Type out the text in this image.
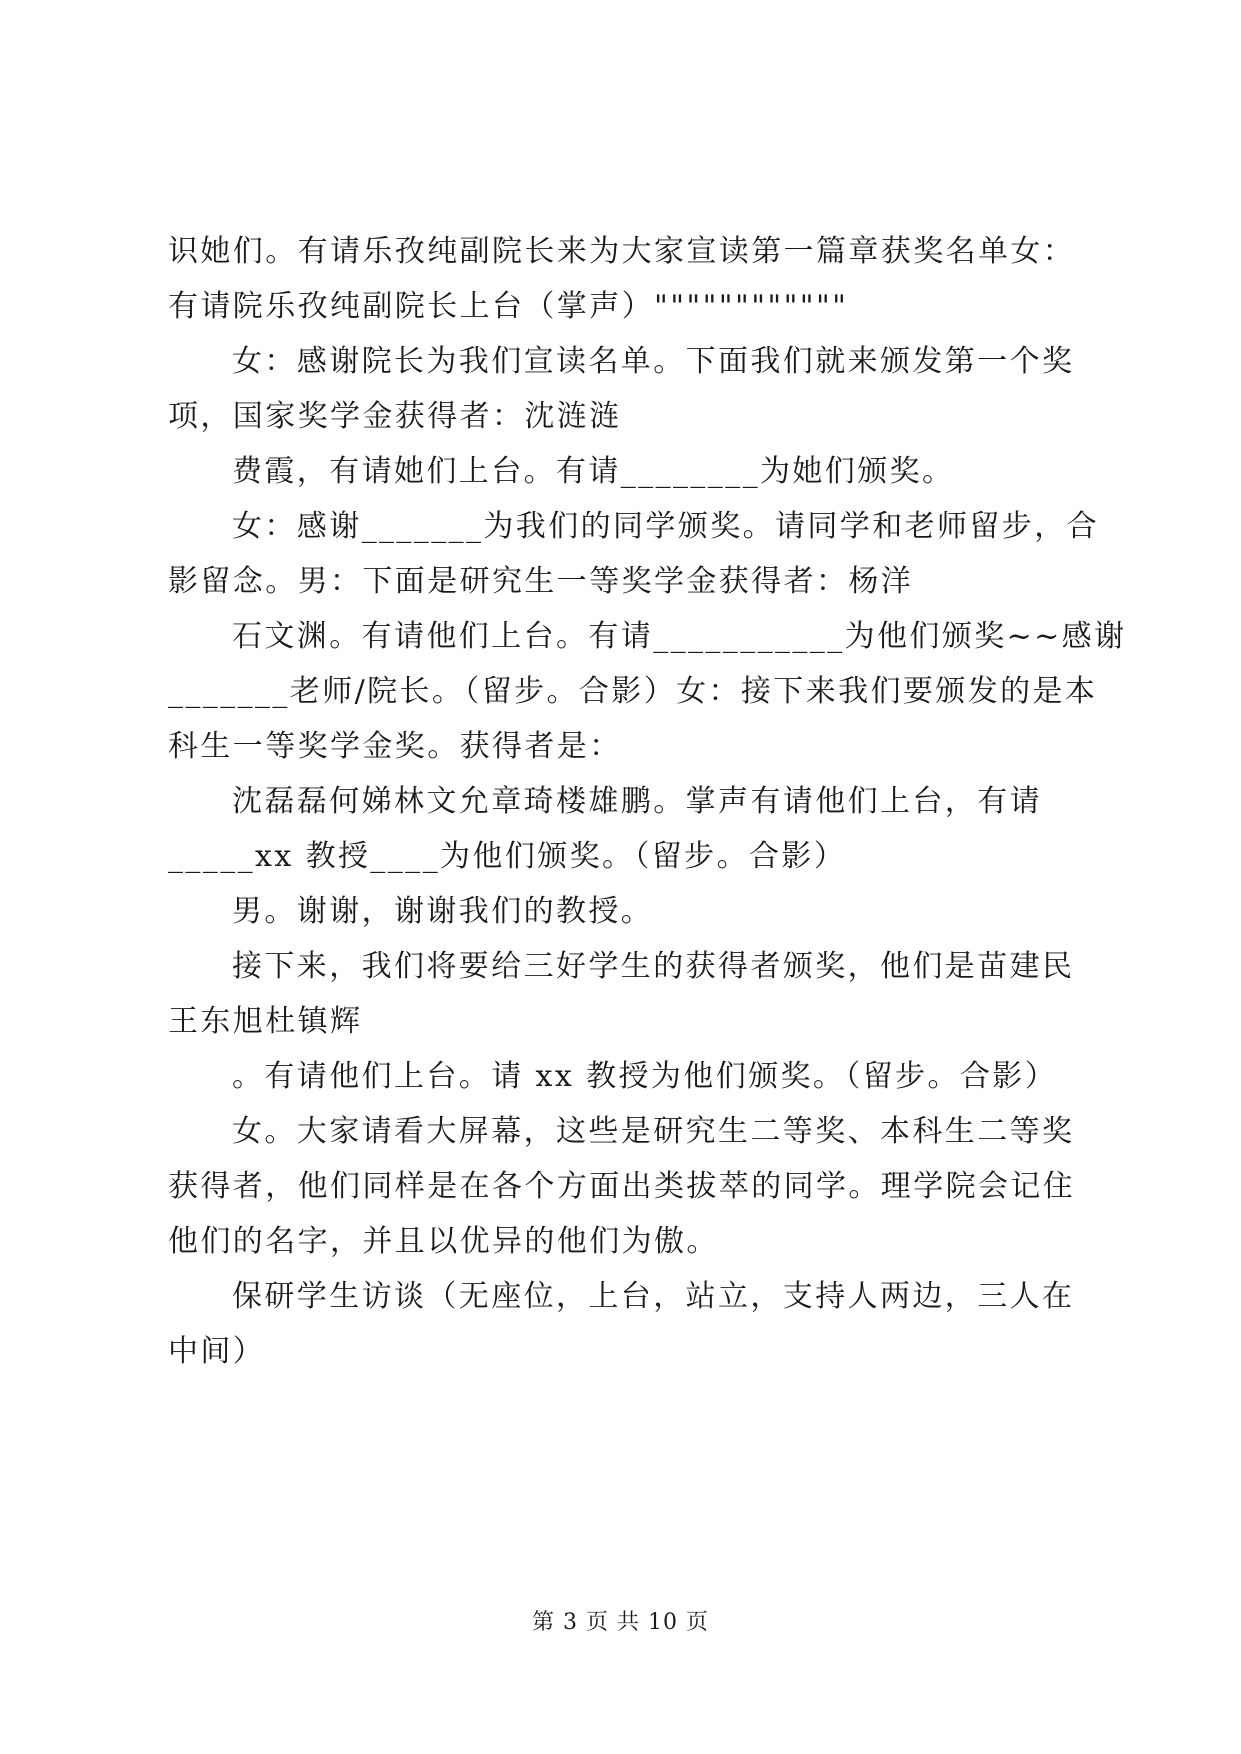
识她们。有请乐孜纯副院长来为大家宣读第一篇章获奖名单女：
有请院乐孜纯副院长上台（掌声）""""""""""""
女：感谢院长为我们宣读名单。下面我们就来颁发第一个奖
项，国家奖学金获得者：沈涟涟
费霞，有请她们上台。有请________为她们颁奖。
女：感谢_______为我们的同学颁奖。请同学和老师留步，合
影留念。男：下面是研究生一等奖学金获得者：杨洋
石文渊。有请他们上台。有请___________为他们颁奖~~感谢
_______老师/院长。（留步。合影）女：接下来我们要颁发的是本
科生一等奖学金奖。获得者是：
沈磊磊何娣林文允章琦楼雄鹏。掌声有请他们上台，有请
_____xx 教授____为他们颁奖。（留步。合影）
男。谢谢，谢谢我们的教授。
接下来，我们将要给三好学生的获得者颁奖，他们是苗建民
王东旭杜镇辉
。有请他们上台。请 xx 教授为他们颁奖。（留步。合影）
女。大家请看大屏幕，这些是研究生二等奖、本科生二等奖
获得者，他们同样是在各个方面出类拔萃的同学。理学院会记住
他们的名字，并且以优异的他们为傲。
保研学生访谈（无座位，上台，站立，支持人两边，三人在
中间）
第 3 页 共 10 页
